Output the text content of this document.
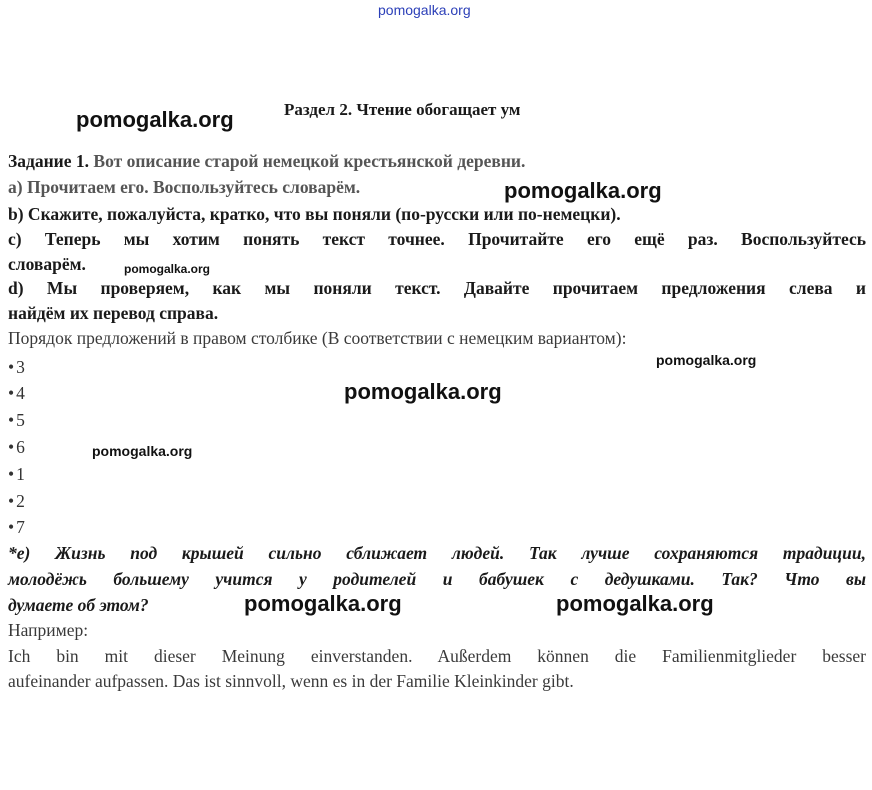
pomogalka.org
pomogalka.org
pomogalka.org
pomogalka.org
pomogalka.org
pomogalka.org
pomogalka.org
pomogalka.org	pomogalka.org
Раздел 2. Чтение обогащает ум
Задание 1. Вот описание старой немецкой крестьянской деревни.
a) Прочитаем его. Воспользуйтесь словарём.
b) Скажите, пожалуйста, кратко, что вы поняли (по-русски или по-немецки).
с) Теперь мы хотим понять текст точнее. Прочитайте его ещё раз. Воспользуйтесь
словарём.
d) Мы проверяем, как мы поняли текст. Давайте прочитаем предложения слева и
найдём их перевод справа.
Порядок предложений в правом столбике (В соответствии с немецким вариантом):
• 3
• 4
• 5
• 6
• 1
• 2
• 7
*e) Жизнь под крышей сильно сближает людей. Так лучше сохраняются традиции,
молодёжь большему учится у родителей и бабушек с дедушками. Так? Что вы
думаете об этом?
Например:
Ich bin mit dieser Meinung einverstanden. Außerdem können die Familienmitglieder besser
aufeinander aufpassen. Das ist sinnvoll, wenn es in der Familie Kleinkinder gibt.
